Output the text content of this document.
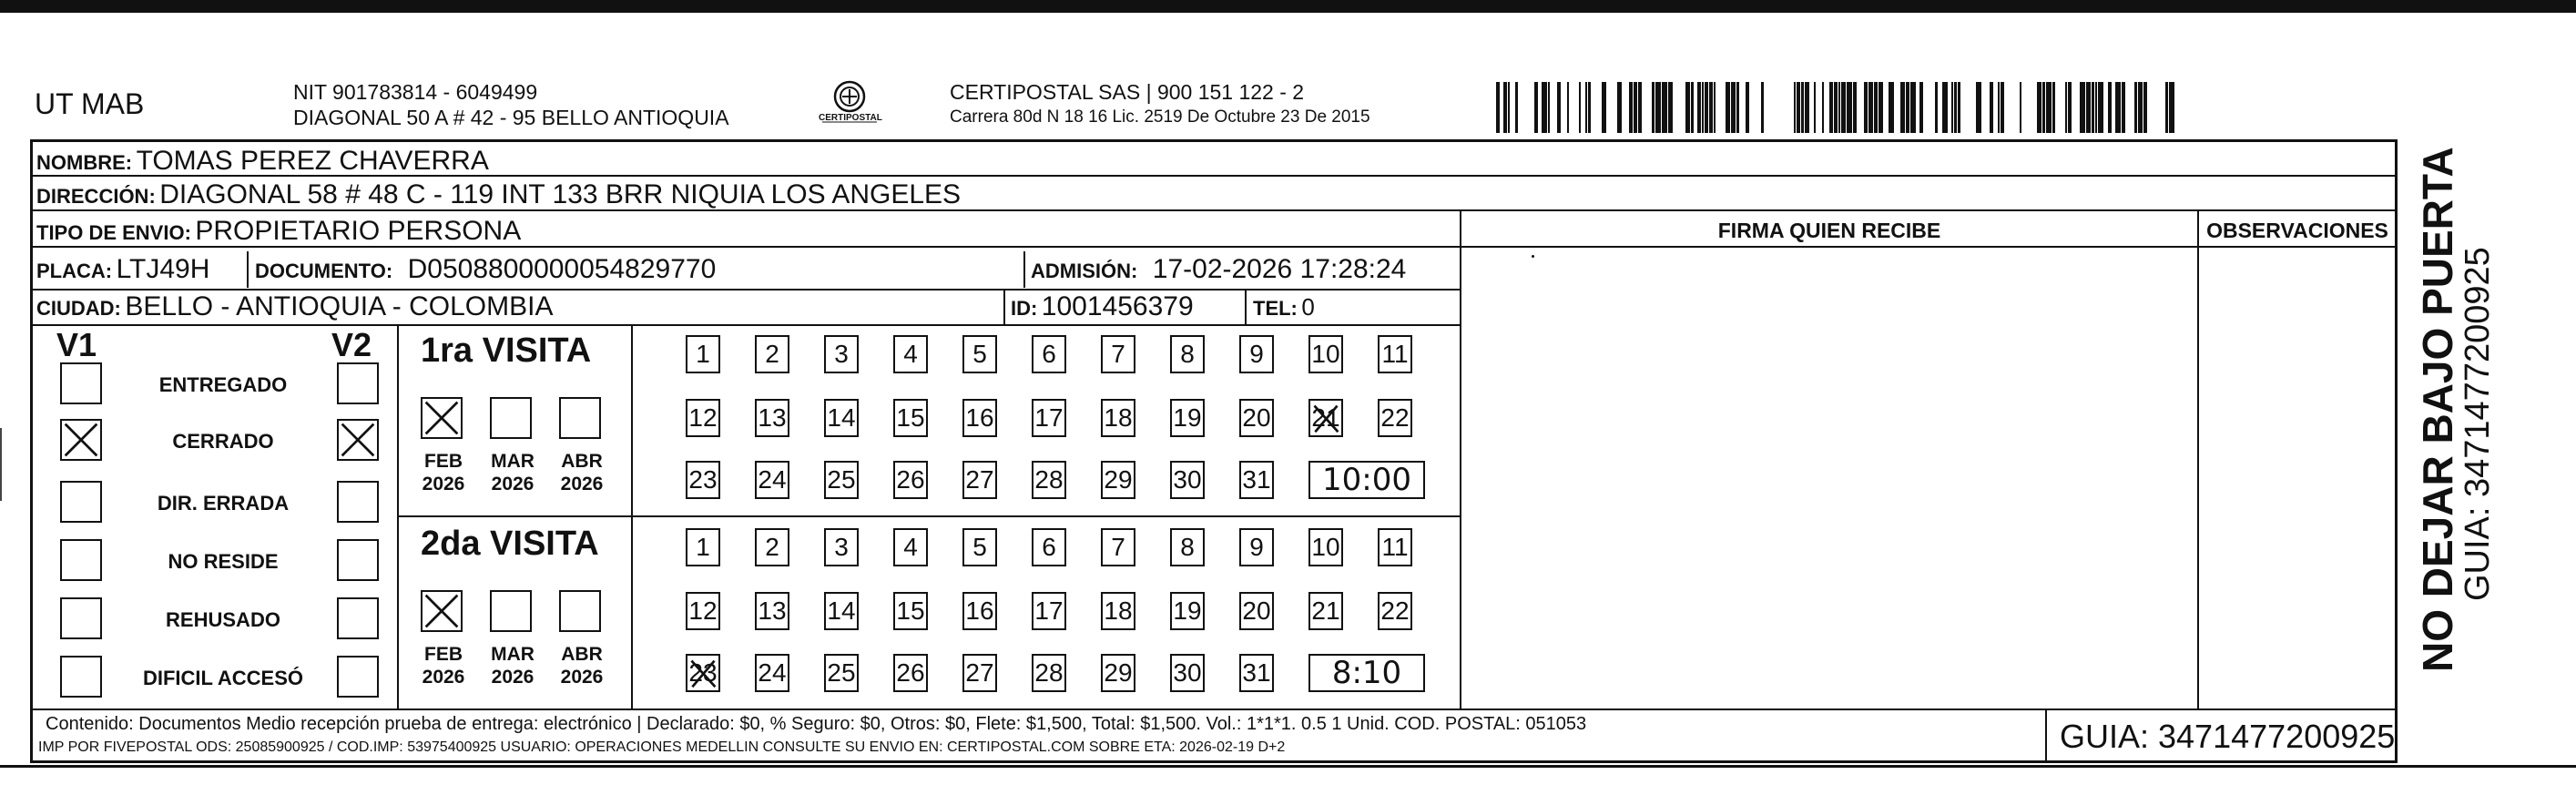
UT MAB	NIT 901783814 - 6049499
DIAGONAL 50 A # 42 - 95 BELLO ANTIOQUIA	CERTIPOSTAL
CERTIPOSTAL SAS | 900 151 122 - 2
Carrera 80d N 18 16 Lic. 2519 De Octubre 23 De 2015
NOMBRE: TOMAS PEREZ CHAVERRA
DIRECCIÓN: DIAGONAL 58 # 48 C - 119 INT 133 BRR NIQUIA LOS ANGELES
TIPO DE ENVIO: PROPIETARIO PERSONA
PLACA: LTJ49H DOCUMENTO: D0508800000054829770	ADMISIÓN: 17-02-2026 17:28:24
CIUDAD: BELLO - ANTIOQUIA - COLOMBIA	ID: 1001456379	TEL: 0
FIRMA QUIEN RECIBE	OBSERVACIONES
V1	V2
ENTREGADO
CERRADO
DIR. ERRADA
NO RESIDE
REHUSADO
DIFICIL ACCESÓ
1ra VISITA
FEB
2026
MAR
2026
ABR
2026
1	2	3	4	5	6	7	8	9	10 11
12 13 14 15 16 17 18 19 20 21 22
23 24 25 26 27 28 29 30 31	10:00
2da VISITA
FEB
2026
MAR
2026
ABR
2026
1	2	3	4	5	6	7	8	9	10 11
12 13 14 15 16 17 18 19 20 21 22
23 24 25 26 27 28 29 30 31	8:10
Contenido: Documentos Medio recepción prueba de entrega: electrónico | Declarado: $0, % Seguro: $0, Otros: $0, Flete: $1,500, Total: $1,500. Vol.: 1*1*1. 0.5 1 Unid. COD. POSTAL: 051053
IMP POR FIVEPOSTAL ODS: 25085900925 / COD.IMP: 53975400925 USUARIO: OPERACIONES MEDELLIN CONSULTE SU ENVIO EN: CERTIPOSTAL.COM SOBRE ETA: 2026-02-19 D+2	GUIA: 3471477200925
NO DEJAR BAJO PUERTA
GUIA: 3471477200925
